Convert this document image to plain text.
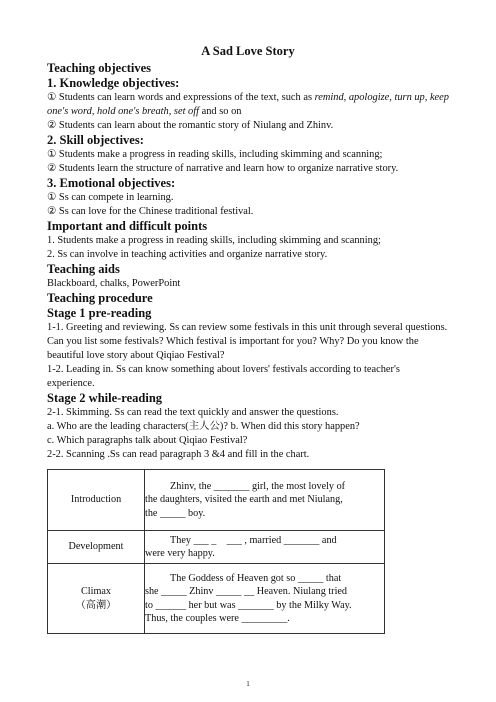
A Sad Love Story

Teaching objectives

1. Knowledge objectives:

① Students can learn words and expressions of the text, such as remind, apologize, turn up, keep one's word, hold one's breath, set off and so on

② Students can learn about the romantic story of Niulang and Zhinv.

2. Skill objectives:

① Students make a progress in reading skills, including skimming and scanning;

② Students learn the structure of narrative and learn how to organize narrative story.

3. Emotional objectives:

① Ss can compete in learning.

② Ss can love for the Chinese traditional festival.

Important and difficult points

1. Students make a progress in reading skills, including skimming and scanning;

2. Ss can involve in teaching activities and organize narrative story.

Teaching aids

Blackboard, chalks, PowerPoint

Teaching procedure

Stage 1 pre-reading

1-1. Greeting and reviewing. Ss can review some festivals in this unit through several questions. Can you list some festivals? Which festival is important for you? Why? Do you know the beautiful love story about Qiqiao Festival?

1-2. Leading in. Ss can know something about lovers' festivals according to teacher's experience.

Stage 2 while-reading

2-1. Skimming. Ss can read the text quickly and answer the questions.

a. Who are the leading characters(主人公)? b. When did this story happen?

c. Which paragraphs talk about Qiqiao Festival?

2-2. Scanning .Ss can read paragraph 3 &4 and fill in the chart.

Introduction	Zhinv, the _______ girl, the most lovely of
the daughters, visited the earth and met Niulang,
the _____ boy.

Development	They ___ _    ___ , married _______ and
were very happy.

Climax
（高潮）	The Goddess of Heaven got so _____ that
she _____ Zhinv _____ __ Heaven. Niulang tried
to ______ her but was _______ by the Milky Way.
Thus, the couples were _________.
1
